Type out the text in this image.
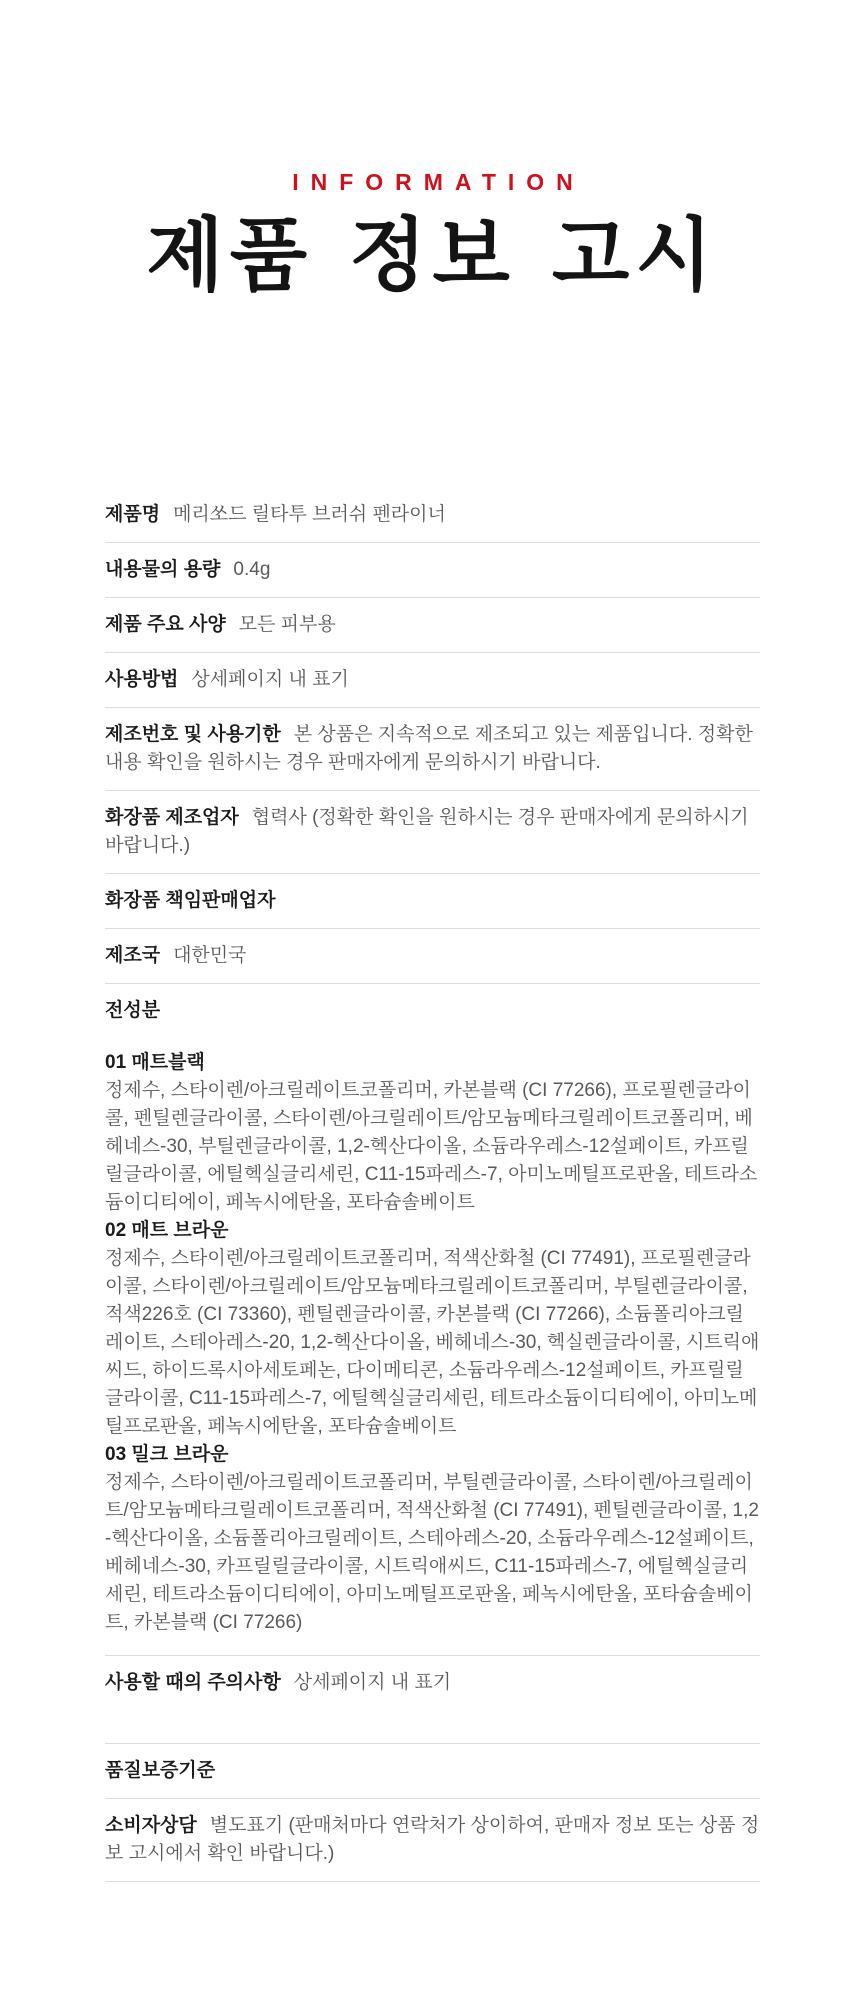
INFORMATION
제품 정보 고시

제품명 메리쏘드 릴타투 브러쉬 펜라이너

내용물의 용량 0.4g

제품 주요 사양 모든 피부용

사용방법 상세페이지 내 표기

제조번호 및 사용기한 본 상품은 지속적으로 제조되고 있는 제품입니다. 정확한 내용 확인을 원하시는 경우 판매자에게 문의하시기 바랍니다.

화장품 제조업자 협력사 (정확한 확인을 원하시는 경우 판매자에게 문의하시기 바랍니다.)

화장품 책임판매업자

제조국 대한민국

전성분

01 매트블랙

정제수, 스타이렌/아크릴레이트코폴리머, 카본블랙 (CI 77266), 프로필렌글라이콜, 펜틸렌글라이콜, 스타이렌/아크릴레이트/암모늄메타크릴레이트코폴리머, 베헤네스-30, 부틸렌글라이콜, 1,2-헥산다이올, 소듐라우레스-12설페이트, 카프릴릴글라이콜, 에틸헥실글리세린, C11-15파레스-7, 아미노메틸프로판올, 테트라소듐이디티에이, 페녹시에탄올, 포타슘솔베이트

02 매트 브라운

정제수, 스타이렌/아크릴레이트코폴리머, 적색산화철 (CI 77491), 프로필렌글라이콜, 스타이렌/아크릴레이트/암모늄메타크릴레이트코폴리머, 부틸렌글라이콜, 적색226호 (CI 73360), 펜틸렌글라이콜, 카본블랙 (CI 77266), 소듐폴리아크릴레이트, 스테아레스-20, 1,2-헥산다이올, 베헤네스-30, 헥실렌글라이콜, 시트릭애씨드, 하이드록시아세토페논, 다이메티콘, 소듐라우레스-12설페이트, 카프릴릴글라이콜, C11-15파레스-7, 에틸헥실글리세린, 테트라소듐이디티에이, 아미노메틸프로판올, 페녹시에탄올, 포타슘솔베이트

03 밀크 브라운

정제수, 스타이렌/아크릴레이트코폴리머, 부틸렌글라이콜, 스타이렌/아크릴레이트/암모늄메타크릴레이트코폴리머, 적색산화철 (CI 77491), 펜틸렌글라이콜, 1,2-헥산다이올, 소듐폴리아크릴레이트, 스테아레스-20, 소듐라우레스-12설페이트, 베헤네스-30, 카프릴릴글라이콜, 시트릭애씨드, C11-15파레스-7, 에틸헥실글리세린, 테트라소듐이디티에이, 아미노메틸프로판올, 페녹시에탄올, 포타슘솔베이트, 카본블랙 (CI 77266)

사용할 때의 주의사항 상세페이지 내 표기

품질보증기준

소비자상담 별도표기 (판매처마다 연락처가 상이하여, 판매자 정보 또는 상품 정보 고시에서 확인 바랍니다.)
